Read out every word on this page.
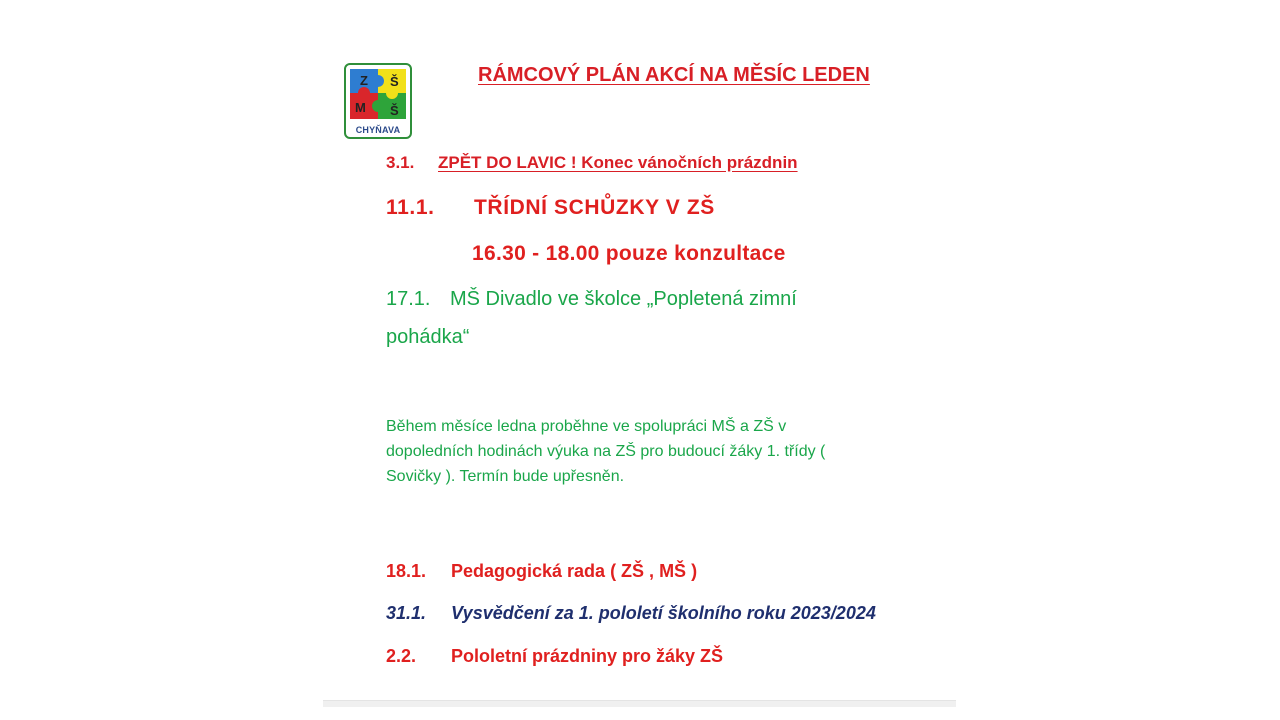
Z Š
M Š
CHYŇAVA
RÁMCOVÝ PLÁN AKCÍ NA MĚSÍC LEDEN
3.1. ZPĚT DO LAVIC ! Konec vánočních prázdnin
11.1. TŘÍDNÍ SCHŮZKY V ZŠ
16.30 - 18.00 pouze konzultace
17.1. MŠ Divadlo ve školce „Popletená zimní
pohádka“
Během měsíce ledna proběhne ve spolupráci MŠ a ZŠ v
dopoledních hodinách výuka na ZŠ pro budoucí žáky 1. třídy (
Sovičky ). Termín bude upřesněn.
18.1. Pedagogická rada ( ZŠ , MŠ )
31.1. Vysvědčení za 1. pololetí školního roku 2023/2024
2.2. Pololetní prázdniny pro žáky ZŠ
